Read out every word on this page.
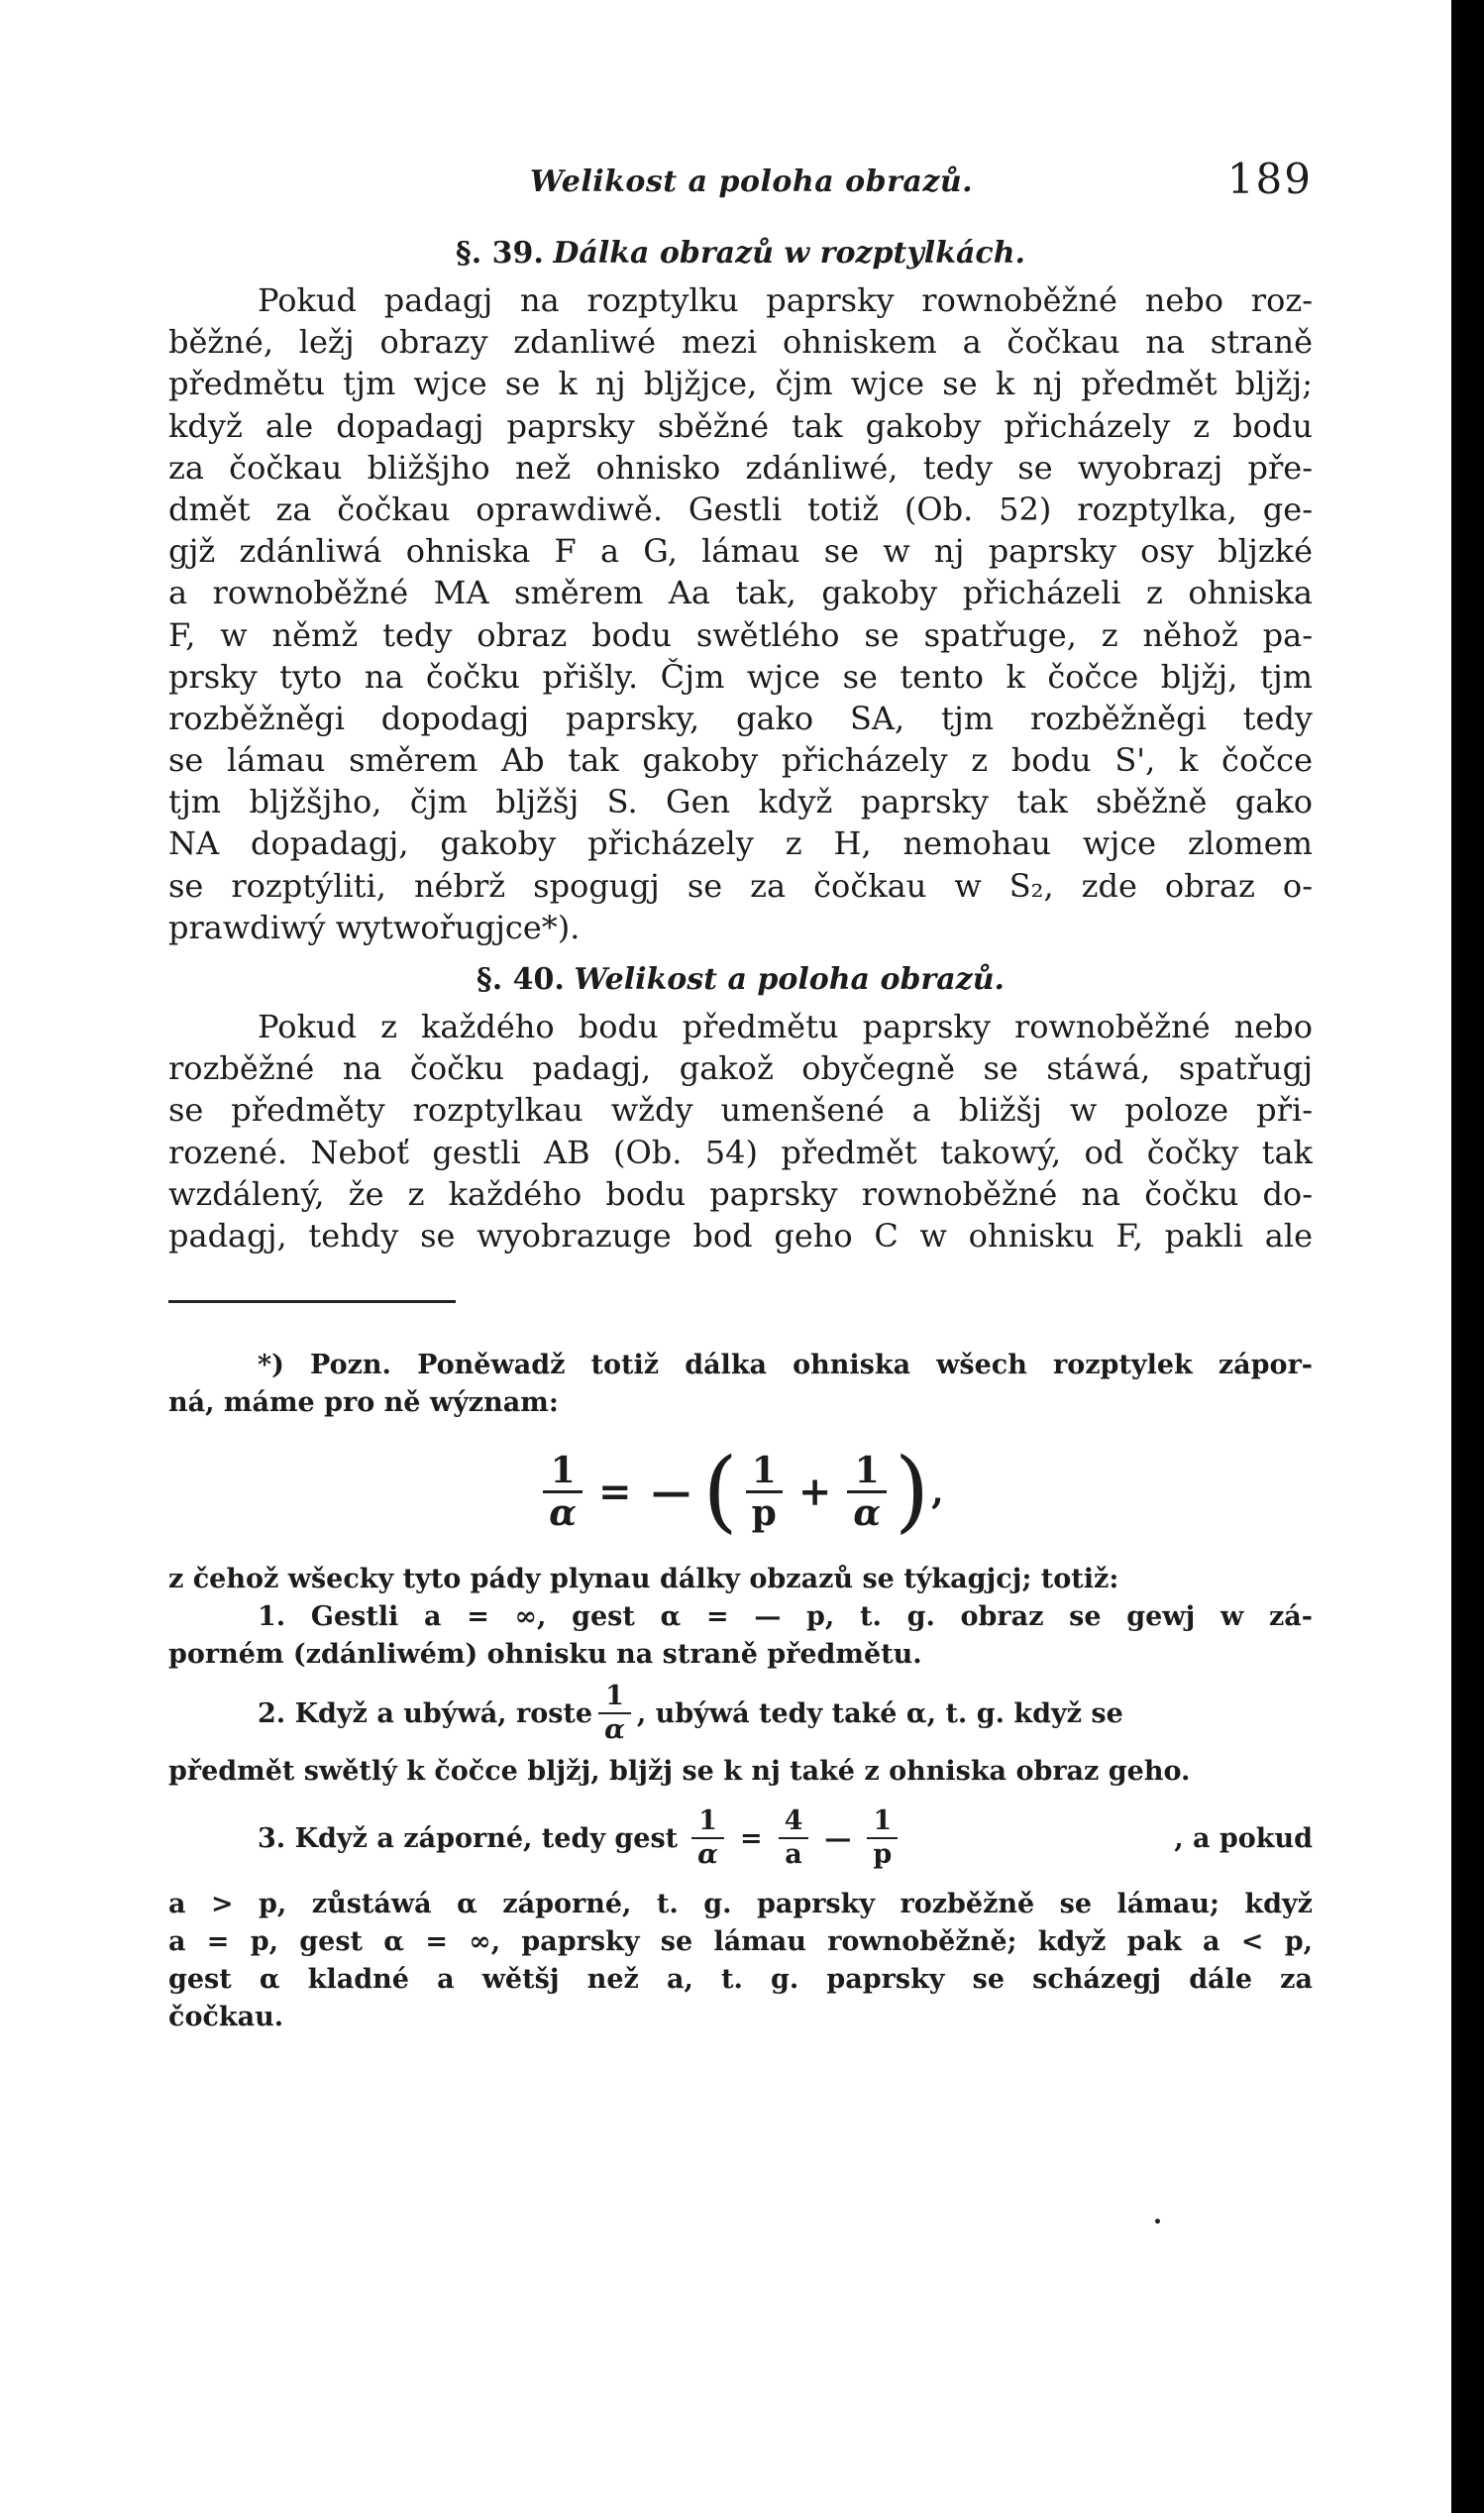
Welikost a poloha obrazů.	189
§. 39. Dálka obrazů w rozptylkách.
Pokud padagj na rozptylku paprsky rownoběžné nebo roz-
běžné, ležj obrazy zdanliwé mezi ohniskem a čočkau na straně
předmětu tjm wjce se k nj bljžjce, čjm wjce se k nj předmět bljžj;
když ale dopadagj paprsky sběžné tak gakoby přicházely z bodu
za čočkau bližšjho než ohnisko zdánliwé, tedy se wyobrazj pře-
dmět za čočkau oprawdiwě. Gestli totiž (Ob. 52) rozptylka, ge-
gjž zdánliwá ohniska F a G, lámau se w nj paprsky osy blјzké
a rownoběžné MA směrem Aa tak, gakoby přicházeli z ohniska
F, w němž tedy obraz bodu swětlého se spatřuge, z něhož pa-
prsky tyto na čočku přišly. Čjm wjce se tento k čočce blјžj, tjm
rozběžněgi dopodagj paprsky, gako SA, tjm rozběžněgi tedy
se lámau směrem Ab tak gakoby přicházely z bodu S', k čočce
tjm blјžšjho, čjm blјžšj S. Gen když paprsky tak sběžně gako
NA dopadagj, gakoby přicházely z H, nemohau wjce zlomem
se rozptýliti, nébrž spogugj se za čočkau w S₂, zde obraz o-
prawdiwý wytwořugjce*).
§. 40. Welikost a poloha obrazů.
Pokud z každého bodu předmětu paprsky rownoběžné nebo
rozběžné na čočku padagj, gakož obyčegně se stáwá, spatřugj
se předměty rozptylkau wždy umenšené a bližšj w poloze při-
rozené. Neboť gestli AB (Ob. 54) předmět takowý, od čočky tak
wzdálený, že z každého bodu paprsky rownoběžné na čočku do-
padagj, tehdy se wyobrazuge bod geho C w ohnisku F, pakli ale
*) Pozn. Poněwadž totiž dálka ohniska wšech rozptylek zápor-
ná, máme pro ně wýznam:
$\frac{1}{\alpha}$ = — ( $\frac{1}{p} + \frac{1}{\alpha}$ ) ,
z čehož wšecky tyto pády plynau dálky obzazů se týkagjcj; totiž:
1. Gestli a = ∞, gest α = — p, t. g. obraz se gewj w zá-
porném (zdánliwém) ohnisku na straně předmětu.
2. Když a ubýwá, roste $\frac{1}{\alpha}$ , ubýwá tedy také α, t. g. když se
předmět swětlý k čočce blјžj, blјžj se k nj také z ohniska obraz geho.
3. Když a záporné, tedy gest $\frac{1}{\alpha} = \frac{4}{a}$ — $\frac{1}{p}$	, a pokud
a > p, zůstáwá α záporné, t. g. paprsky rozběžně se lámau; když
a = p, gest α = ∞, paprsky se lámau rownoběžně; když pak a < p,
gest α kladné a wětšj než a, t. g. paprsky se scházegj dále za
čočkau.
